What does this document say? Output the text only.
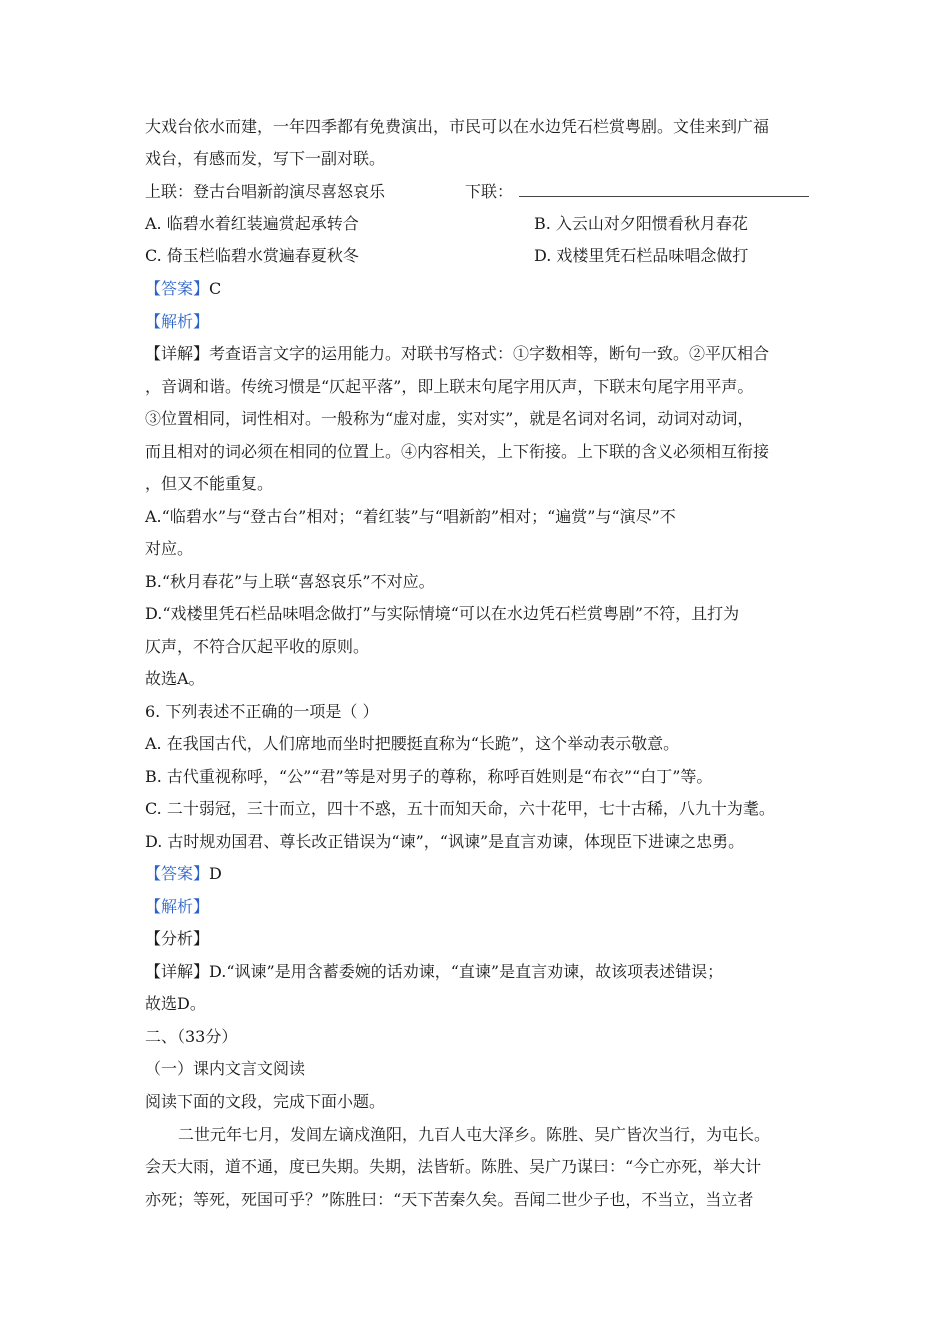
大戏台依水而建，一年四季都有免费演出，市民可以在水边凭石栏赏粤剧。文佳来到广福
戏台，有感而发，写下一副对联。
上联：登古台唱新韵演尽喜怒哀乐	下联：
A. 临碧水着红装遍赏起承转合	B. 入云山对夕阳惯看秋月春花
C. 倚玉栏临碧水赏遍春夏秋冬	D. 戏楼里凭石栏品味唱念做打
【答案】C
【解析】
【详解】考查语言文字的运用能力。对联书写格式：①字数相等，断句一致。②平仄相合
，音调和谐。传统习惯是“仄起平落”，即上联末句尾字用仄声，下联末句尾字用平声。
③位置相同，词性相对。一般称为“虚对虚，实对实”，就是名词对名词，动词对动词，
而且相对的词必须在相同的位置上。④内容相关，上下衔接。上下联的含义必须相互衔接
，但又不能重复。
A.“临碧水”与“登古台”相对；“着红装”与“唱新韵”相对；“遍赏”与“演尽”不
对应。
B.“秋月春花”与上联“喜怒哀乐”不对应。
D.“戏楼里凭石栏品味唱念做打”与实际情境“可以在水边凭石栏赏粤剧”不符，且打为
仄声，不符合仄起平收的原则。
故选A。
6. 下列表述不正确的一项是（ ）
A. 在我国古代，人们席地而坐时把腰挺直称为“长跪”，这个举动表示敬意。
B. 古代重视称呼，“公”“君”等是对男子的尊称，称呼百姓则是“布衣”“白丁”等。
C. 二十弱冠，三十而立，四十不惑，五十而知天命，六十花甲，七十古稀，八九十为耄。
D. 古时规劝国君、尊长改正错误为“谏”，“讽谏”是直言劝谏，体现臣下进谏之忠勇。
【答案】D
【解析】
【分析】
【详解】D.“讽谏”是用含蓄委婉的话劝谏，“直谏”是直言劝谏，故该项表述错误；
故选D。
二、（33分）
（一）课内文言文阅读
阅读下面的文段，完成下面小题。
二世元年七月，发闾左谪戍渔阳，九百人屯大泽乡。陈胜、吴广皆次当行，为屯长。
会天大雨，道不通，度已失期。失期，法皆斩。陈胜、吴广乃谋曰：“今亡亦死，举大计
亦死；等死，死国可乎？”陈胜曰：“天下苦秦久矣。吾闻二世少子也，不当立，当立者
